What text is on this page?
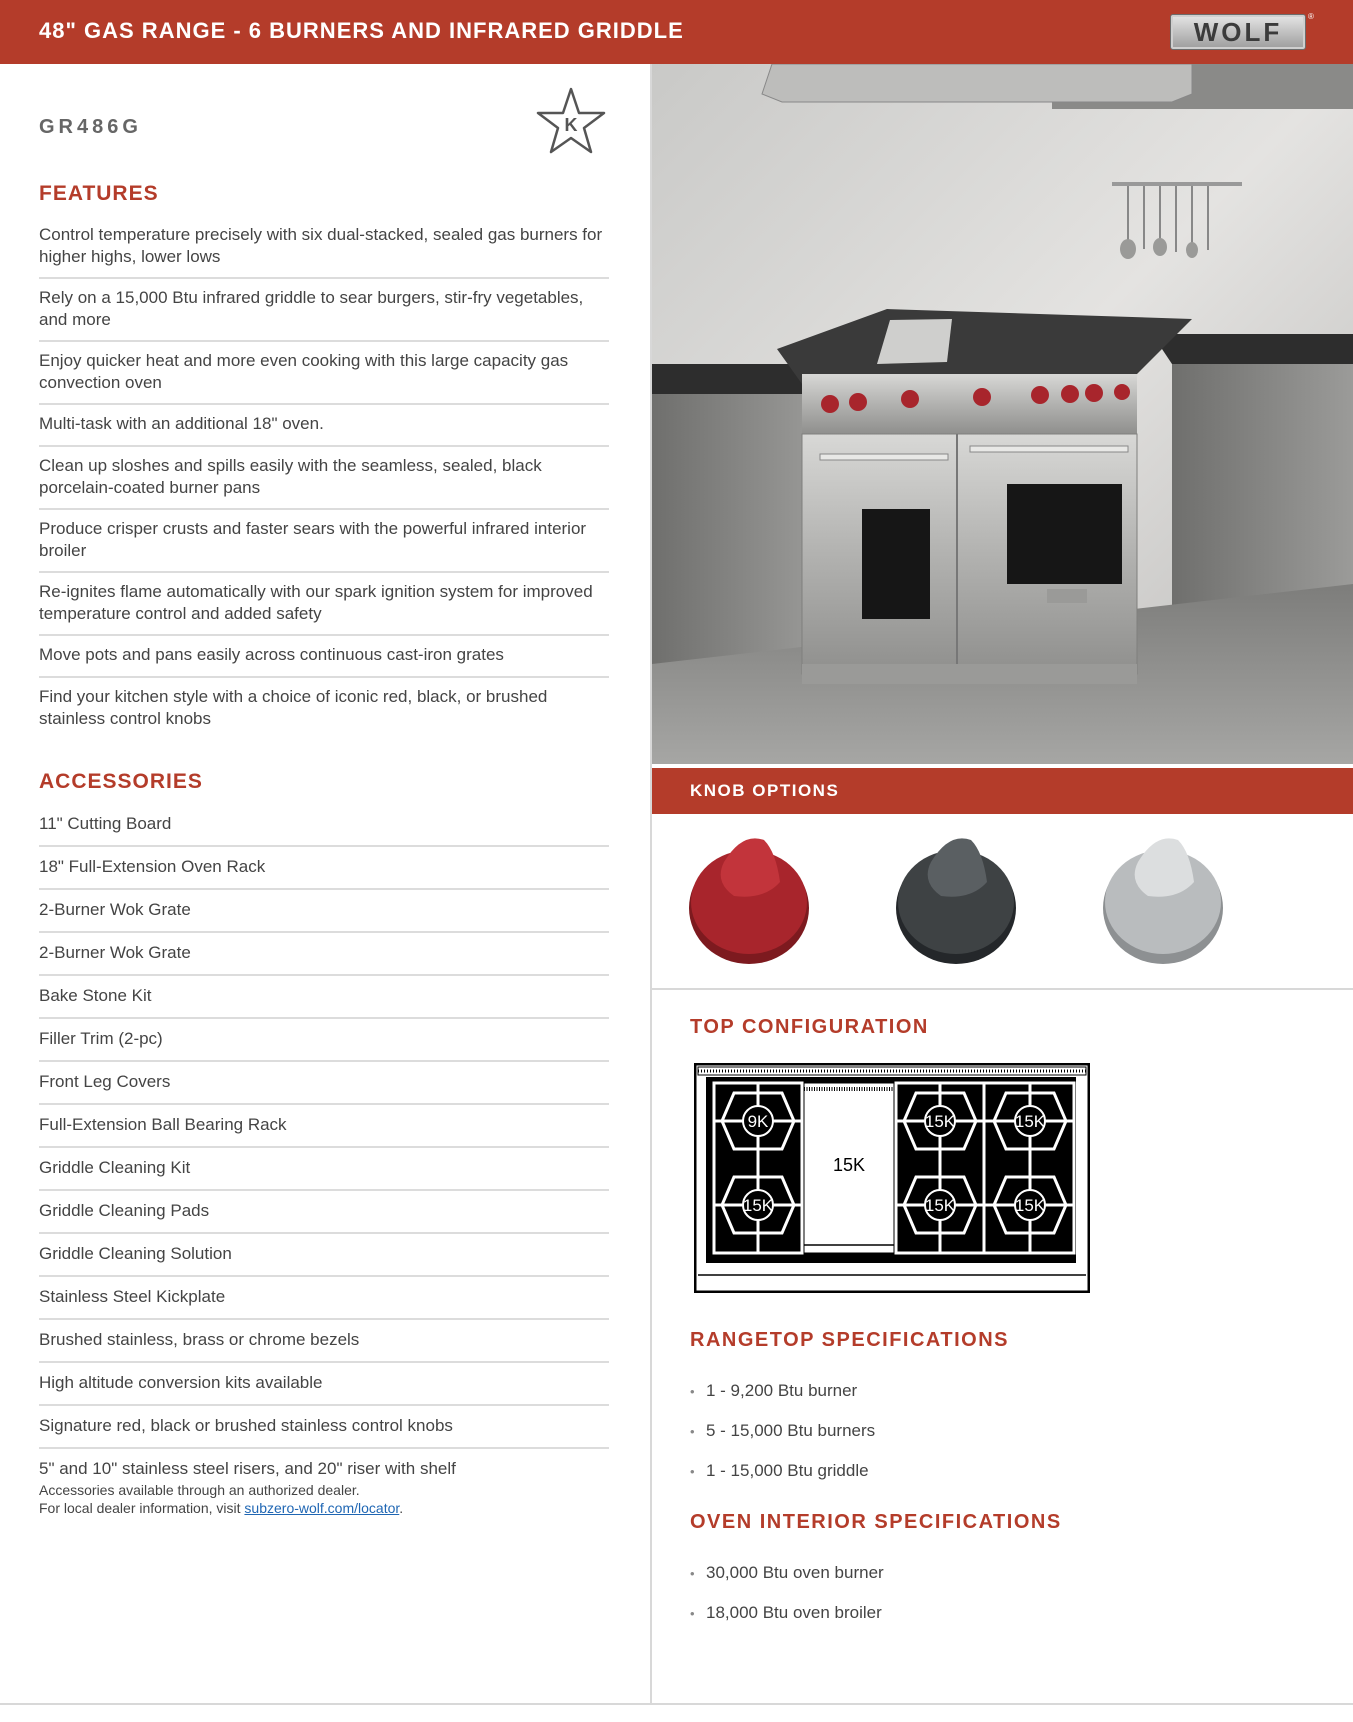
48" GAS RANGE - 6 BURNERS AND INFRARED GRIDDLE	WOLF
®
GR486G	K
FEATURES
Control temperature precisely with six dual-stacked, sealed gas burners for higher highs, lower lows
Rely on a 15,000 Btu infrared griddle to sear burgers, stir-fry vegetables, and more
Enjoy quicker heat and more even cooking with this large capacity gas convection oven
Multi-task with an additional 18" oven.
Clean up sloshes and spills easily with the seamless, sealed, black porcelain-coated burner pans
Produce crisper crusts and faster sears with the powerful infrared interior broiler
Re-ignites flame automatically with our spark ignition system for improved temperature control and added safety
Move pots and pans easily across continuous cast-iron grates
Find your kitchen style with a choice of iconic red, black, or brushed stainless control knobs
ACCESSORIES
11" Cutting Board
18" Full-Extension Oven Rack
2-Burner Wok Grate
2-Burner Wok Grate
Bake Stone Kit
Filler Trim (2-pc)
Front Leg Covers
Full-Extension Ball Bearing Rack
Griddle Cleaning Kit
Griddle Cleaning Pads
Griddle Cleaning Solution
Stainless Steel Kickplate
Brushed stainless, brass or chrome bezels
High altitude conversion kits available
Signature red, black or brushed stainless control knobs
5" and 10" stainless steel risers, and 20" riser with shelf
Accessories available through an authorized dealer.
For local dealer information, visit subzero-wolf.com/locator.
KNOB OPTIONS
TOP CONFIGURATION
9K
15K
15K	15K
15K	15K
15K
RANGETOP SPECIFICATIONS
• 1 - 9,200 Btu burner
• 5 - 15,000 Btu burners
• 1 - 15,000 Btu griddle
OVEN INTERIOR SPECIFICATIONS
• 30,000 Btu oven burner
• 18,000 Btu oven broiler
